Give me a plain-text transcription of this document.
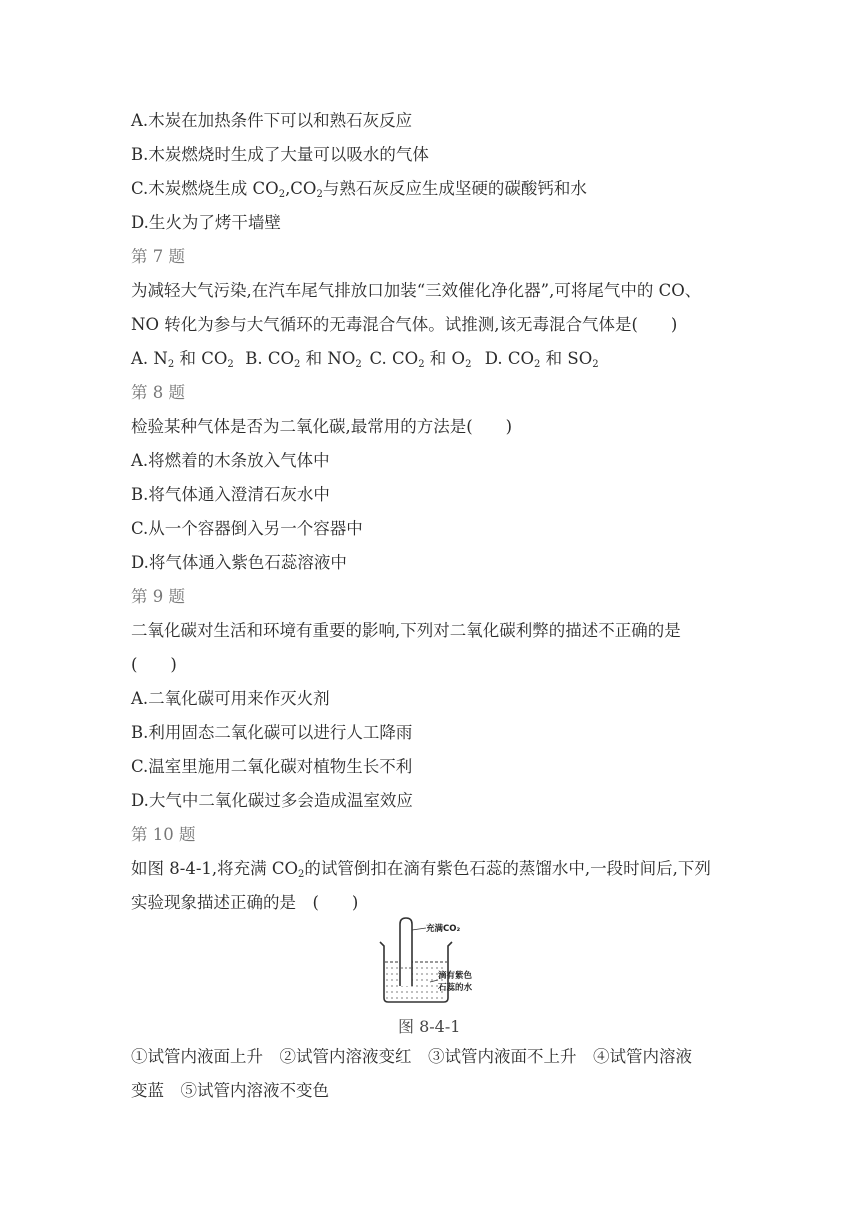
A.木炭在加热条件下可以和熟石灰反应
B.木炭燃烧时生成了大量可以吸水的气体
C.木炭燃烧生成 $CO_2,CO_2$与熟石灰反应生成坚硬的碳酸钙和水
D.生火为了烤干墙壁
第 7 题
为减轻大气污染,在汽车尾气排放口加装“三效催化净化器”,可将尾气中的 CO、
NO 转化为参与大气循环的无毒混合气体。试推测,该无毒混合气体是(　　)
A. $N_2$ 和 $CO_2$ B. $CO_2$ 和 $NO_2$ C. $CO_2$ 和 $O_2$ D. $CO_2$ 和 $SO_2$
第 8 题
检验某种气体是否为二氧化碳,最常用的方法是(　　)
A.将燃着的木条放入气体中
B.将气体通入澄清石灰水中
C.从一个容器倒入另一个容器中
D.将气体通入紫色石蕊溶液中
第 9 题
二氧化碳对生活和环境有重要的影响,下列对二氧化碳利弊的描述不正确的是
(　　)
A.二氧化碳可用来作灭火剂
B.利用固态二氧化碳可以进行人工降雨
C.温室里施用二氧化碳对植物生长不利
D.大气中二氧化碳过多会造成温室效应
第 10 题
如图 8-4-1,将充满 $CO_2$的试管倒扣在滴有紫色石蕊的蒸馏水中,一段时间后,下列
实验现象描述正确的是　(　　)
充满CO₂
滴有紫色
石蕊的水
图 8-4-1
①试管内液面上升　②试管内溶液变红　③试管内液面不上升　④试管内溶液
变蓝　⑤试管内溶液不变色
